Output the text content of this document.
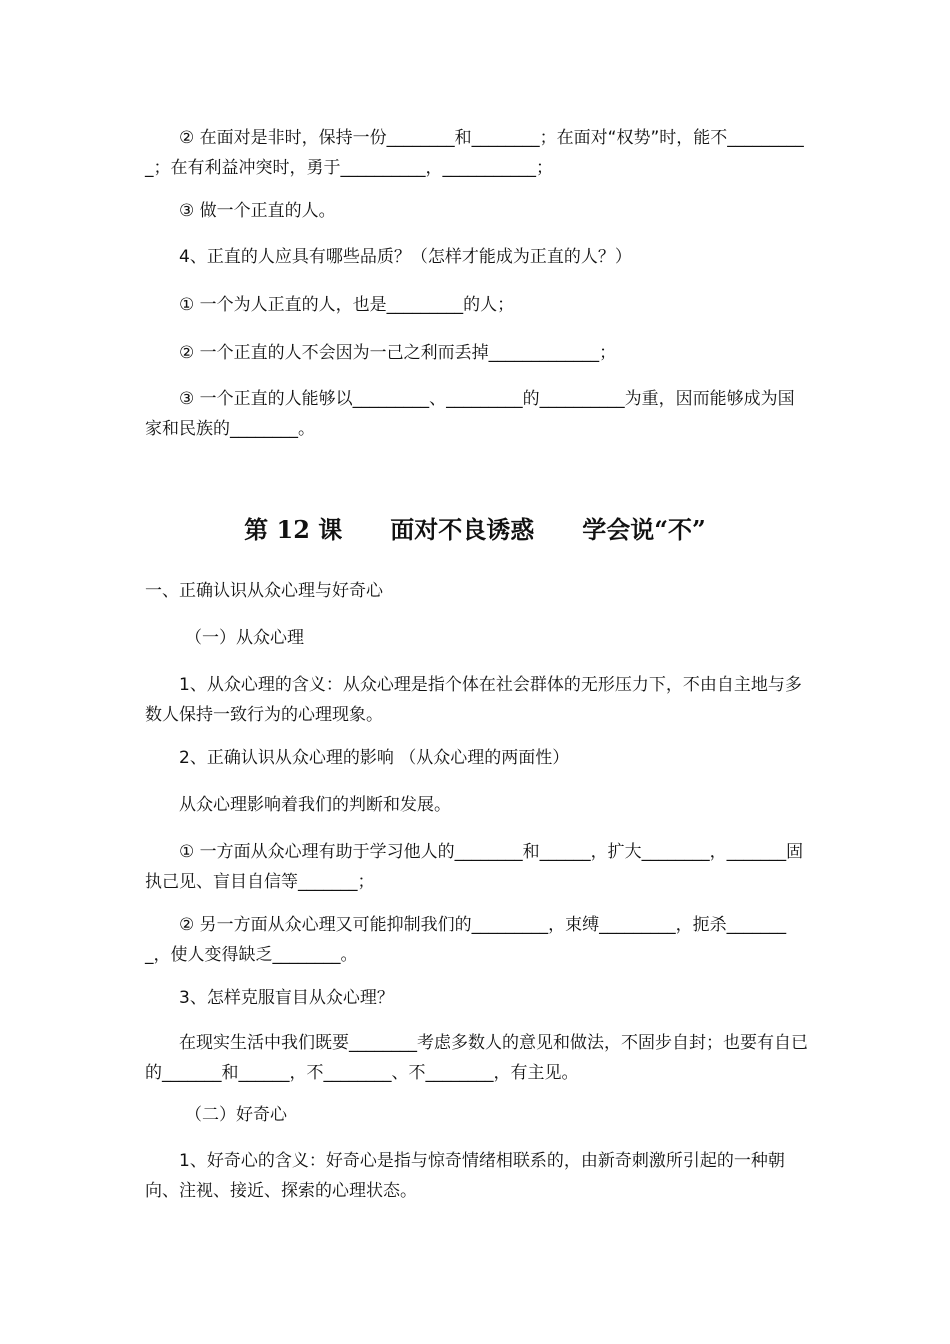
② 在面对是非时，保持一份________和________；在面对“权势”时，能不__________；在有利益冲突时，勇于__________，___________；

③ 做一个正直的人。

4、正直的人应具有哪些品质？（怎样才能成为正直的人？）

① 一个为人正直的人，也是_________的人；

② 一个正直的人不会因为一己之利而丢掉_____________；

③ 一个正直的人能够以_________、_________的__________为重，因而能够成为国家和民族的________。

第 12 课　　面对不良诱惑　　学会说“不”

一、正确认识从众心理与好奇心

（一）从众心理

1、从众心理的含义：从众心理是指个体在社会群体的无形压力下，不由自主地与多数人保持一致行为的心理现象。

2、正确认识从众心理的影响 （从众心理的两面性）

从众心理影响着我们的判断和发展。

① 一方面从众心理有助于学习他人的________和______，扩大________，_______固执己见、盲目自信等_______；

② 另一方面从众心理又可能抑制我们的_________，束缚_________，扼杀________，使人变得缺乏________。

3、怎样克服盲目从众心理？

在现实生活中我们既要________考虑多数人的意见和做法，不固步自封；也要有自已的_______和______，不________、不________，有主见。

（二）好奇心

1、好奇心的含义：好奇心是指与惊奇情绪相联系的，由新奇刺激所引起的一种朝向、注视、接近、探索的心理状态。
